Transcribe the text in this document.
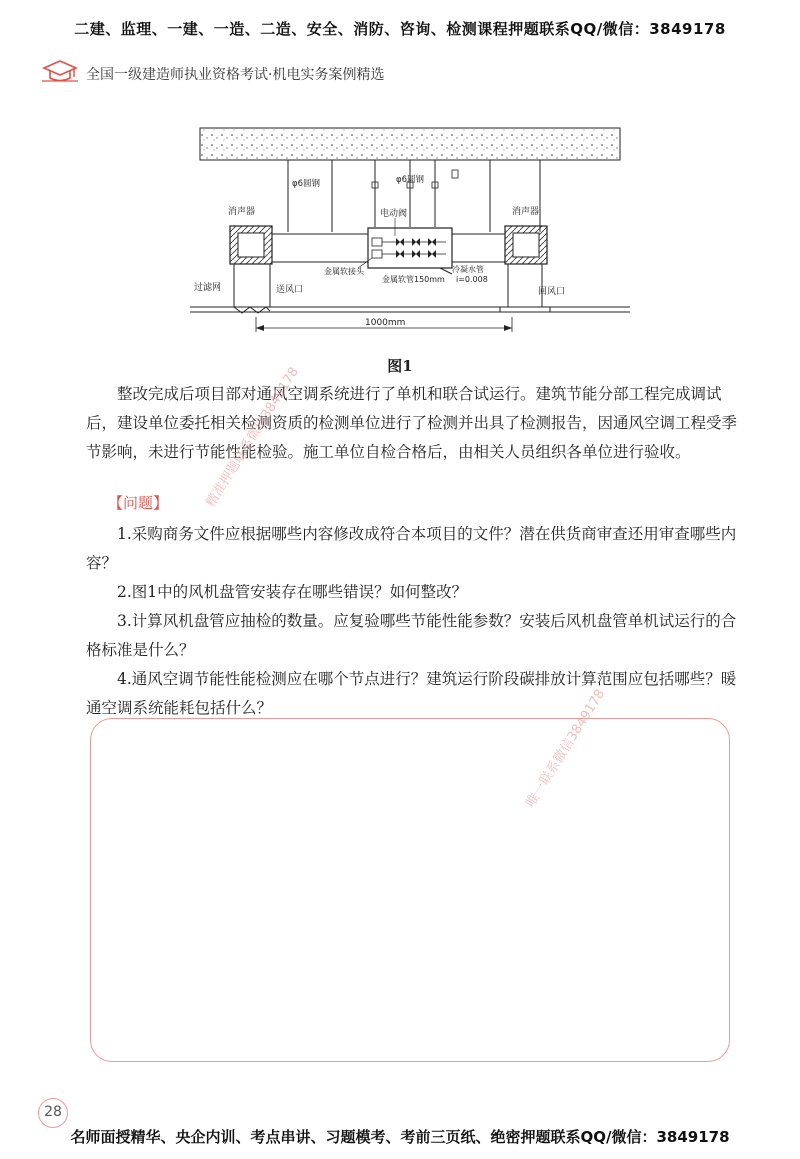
二建、监理、一建、一造、二造、安全、消防、咨询、检测课程押题联系QQ/微信：3849178
全国一级建造师执业资格考试·机电实务案例精选
φ6圆钢	φ6圆钢
消声器	消声器
电动阀
冷凝水管
i=0.008
金属软接头
金属软管150mm
过滤网	送风口	回风口
1000mm
图1

整改完成后项目部对通风空调系统进行了单机和联合试运行。建筑节能分部工程完成调试后，建设单位委托相关检测资质的检测单位进行了检测并出具了检测报告，因通风空调工程受季节影响，未进行节能性能检验。施工单位自检合格后，由相关人员组织各单位进行验收。

【问题】

1.采购商务文件应根据哪些内容修改成符合本项目的文件？潜在供货商审查还用审查哪些内容？

2.图1中的风机盘管安装存在哪些错误？如何整改？

3.计算风机盘管应抽检的数量。应复验哪些节能性能参数？安装后风机盘管单机试运行的合格标准是什么？

4.通风空调节能性能检测应在哪个节点进行？建筑运行阶段碳排放计算范围应包括哪些？暖通空调系统能耗包括什么？

精准押题联系微信3849178
唯一联系微信3849178
28
名师面授精华、央企内训、考点串讲、习题模考、考前三页纸、绝密押题联系QQ/微信：3849178
